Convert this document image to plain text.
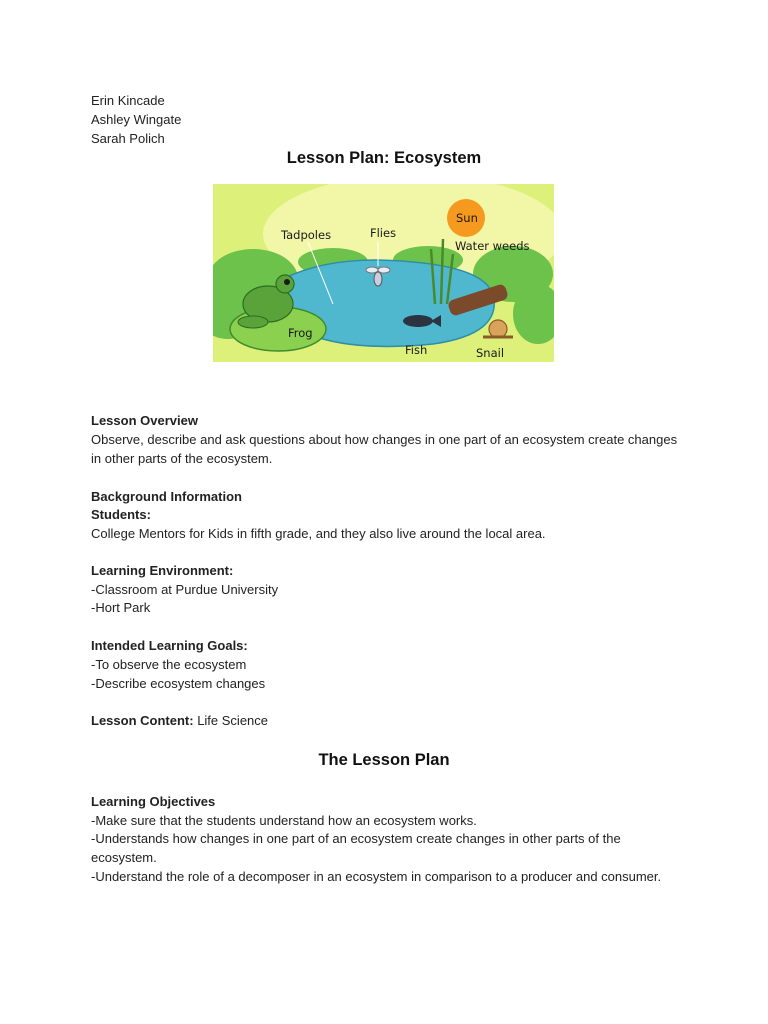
Erin Kincade
Ashley Wingate
Sarah Polich
Lesson Plan: Ecosystem
Tadpoles	Flies
Sun
Water weeds
Frog
Fish	Snail
Lesson Overview
Observe, describe and ask questions about how changes in one part of an ecosystem create changes in other parts of the ecosystem.
Background Information
Students:
College Mentors for Kids in fifth grade, and they also live around the local area.
Learning Environment:
-Classroom at Purdue University
-Hort Park
Intended Learning Goals:
-To observe the ecosystem
-Describe ecosystem changes
Lesson Content: Life Science
The Lesson Plan
Learning Objectives
-Make sure that the students understand how an ecosystem works.
-Understands how changes in one part of an ecosystem create changes in other parts of the ecosystem.
-Understand the role of a decomposer in an ecosystem in comparison to a producer and consumer.
